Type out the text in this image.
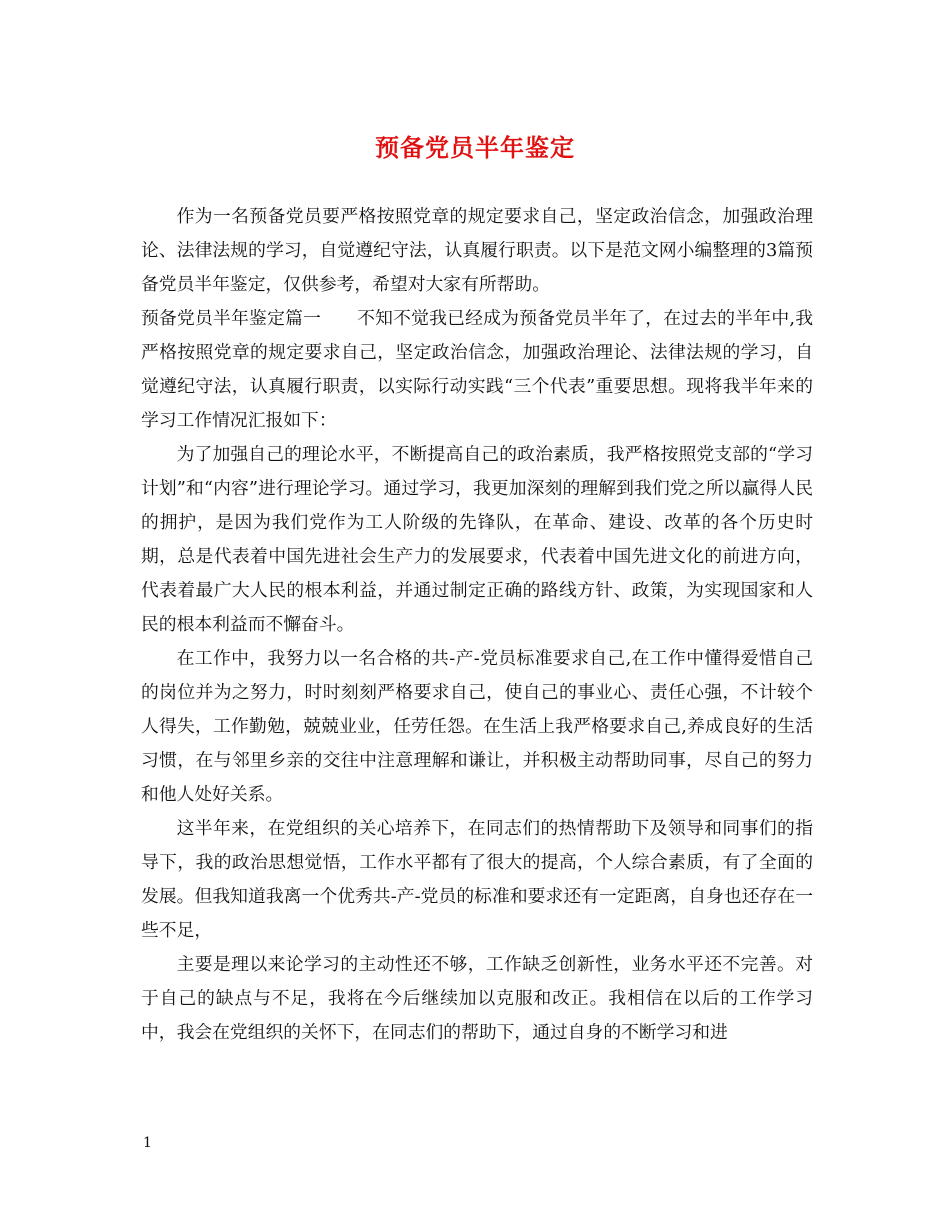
预备党员半年鉴定

作为一名预备党员要严格按照党章的规定要求自己，坚定政治信念，加强政治理论、法律法规的学习，自觉遵纪守法，认真履行职责。以下是范文网小编整理的3篇预备党员半年鉴定，仅供参考，希望对大家有所帮助。

预备党员半年鉴定篇一　　不知不觉我已经成为预备党员半年了，在过去的半年中,我严格按照党章的规定要求自己，坚定政治信念，加强政治理论、法律法规的学习，自觉遵纪守法，认真履行职责，以实际行动实践“三个代表”重要思想。现将我半年来的学习工作情况汇报如下：

为了加强自己的理论水平，不断提高自己的政治素质，我严格按照党支部的“学习计划”和“内容”进行理论学习。通过学习，我更加深刻的理解到我们党之所以赢得人民的拥护，是因为我们党作为工人阶级的先锋队，在革命、建设、改革的各个历史时期，总是代表着中国先进社会生产力的发展要求，代表着中国先进文化的前进方向，代表着最广大人民的根本利益，并通过制定正确的路线方针、政策，为实现国家和人民的根本利益而不懈奋斗。

在工作中，我努力以一名合格的共-产-党员标准要求自己,在工作中懂得爱惜自己的岗位并为之努力，时时刻刻严格要求自己，使自己的事业心、责任心强，不计较个人得失，工作勤勉，兢兢业业，任劳任怨。在生活上我严格要求自己,养成良好的生活习惯，在与邻里乡亲的交往中注意理解和谦让，并积极主动帮助同事，尽自己的努力和他人处好关系。

这半年来，在党组织的关心培养下，在同志们的热情帮助下及领导和同事们的指导下，我的政治思想觉悟，工作水平都有了很大的提高，个人综合素质，有了全面的发展。但我知道我离一个优秀共-产-党员的标准和要求还有一定距离，自身也还存在一些不足，

主要是理以来论学习的主动性还不够，工作缺乏创新性，业务水平还不完善。对于自己的缺点与不足，我将在今后继续加以克服和改正。我相信在以后的工作学习中，我会在党组织的关怀下，在同志们的帮助下，通过自身的不断学习和进

1
